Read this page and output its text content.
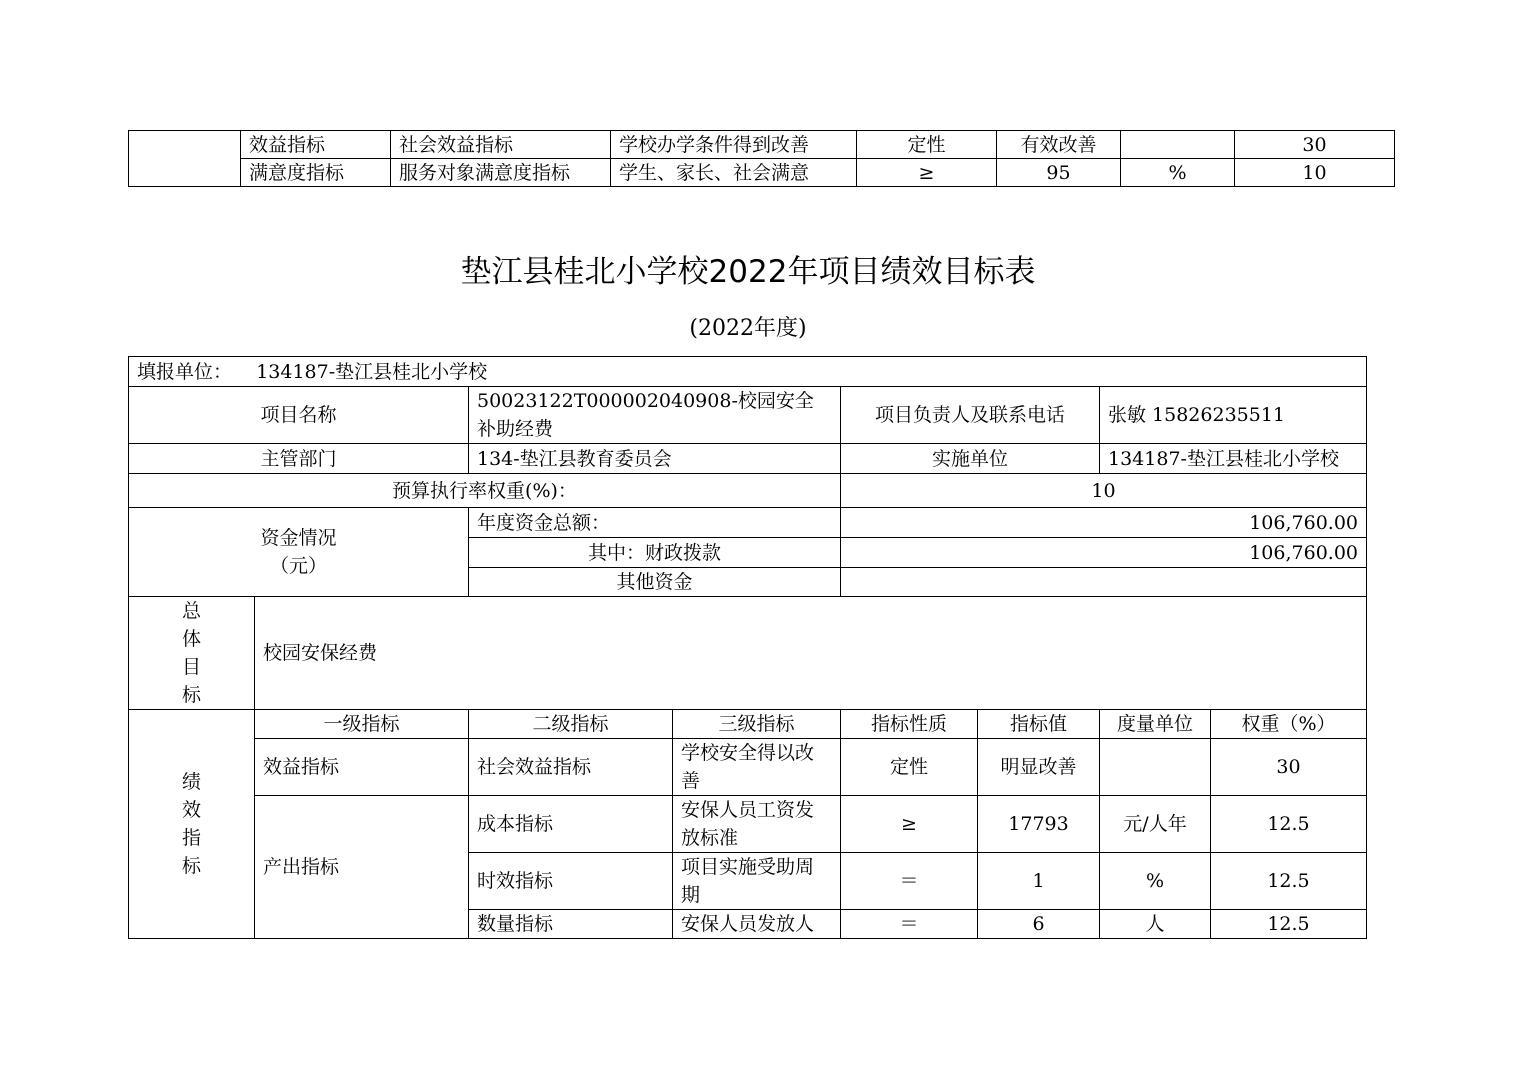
	效益指标	社会效益指标	学校办学条件得到改善	定性	有效改善		30
	满意度指标	服务对象满意度指标	学生、家长、社会满意	≥	95	%	10
垫江县桂北小学校2022年项目绩效目标表
(2022年度)
填报单位： 134187-垫江县桂北小学校							
项目名称		50023122T000002040908-校园安全补助经费		项目负责人及联系电话		张敏 15826235511	
主管部门		134-垫江县教育委员会		实施单位		134187-垫江县桂北小学校	
预算执行率权重(%)：				10			

资金情况
（元）		年度资金总额：		106,760.00			
		其中：财政拨款		106,760.00			
		其他资金					

总
体
目
标	校园安保经费						

绩
效
指
标	一级指标	二级指标	三级指标	指标性质	指标值	度量单位	权重（%）
	效益指标	社会效益指标	学校安全得以改善	定性	明显改善		30
	产出指标	成本指标	安保人员工资发放标准	≥	17793	元/人年	12.5
		时效指标	项目实施受助周期	＝	1	%	12.5
		数量指标	安保人员发放人	＝	6	人	12.5
